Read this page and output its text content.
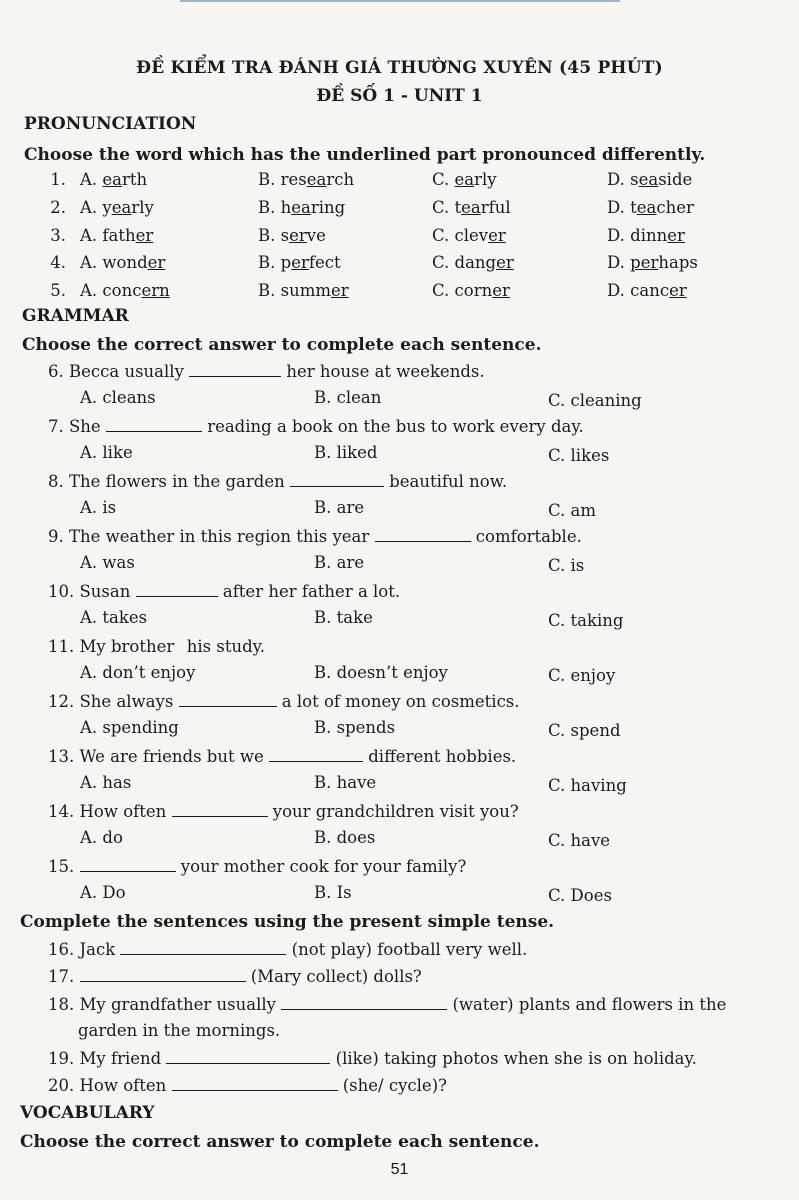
ĐỀ KIỂM TRA ĐÁNH GIÁ THƯỜNG XUYÊN (45 PHÚT)
ĐỀ SỐ 1 - UNIT 1
PRONUNCIATION
Choose the word which has the underlined part pronounced differently.
1. A. earth	B. research	C. early	D. seaside
2. A. yearly	B. hearing	C. tearful	D. teacher
3. A. father	B. serve	C. clever	D. dinner
4. A. wonder	B. perfect	C. danger	D. perhaps
5. A. concern	B. summer	C. corner	D. cancer
GRAMMAR
Choose the correct answer to complete each sentence.
6. Becca usually	her house at weekends.
A. cleans	B. clean	C. cleaning
7. She	reading a book on the bus to work every day.
A. like	B. liked	C. likes
8. The flowers in the garden	beautiful now.
A. is	B. are	C. am
9. The weather in this region this year	comfortable.
A. was	B. are	C. is
10. Susan	after her father a lot.
A. takes	B. take	C. taking
11. My brother  his study.
A. don’t enjoy	B. doesn’t enjoy	C. enjoy
12. She always	a lot of money on cosmetics.
A. spending	B. spends	C. spend
13. We are friends but we	different hobbies.
A. has	B. have	C. having
14. How often	your grandchildren visit you?
A. do	B. does	C. have
15.	your mother cook for your family?
A. Do	B. Is	C. Does
Complete the sentences using the present simple tense.
16. Jack	(not play) football very well.
17.	(Mary collect) dolls?
18. My grandfather usually	(water) plants and flowers in the
garden in the mornings.
19. My friend	(like) taking photos when she is on holiday.
20. How often	(she/ cycle)?
VOCABULARY
Choose the correct answer to complete each sentence.
51
